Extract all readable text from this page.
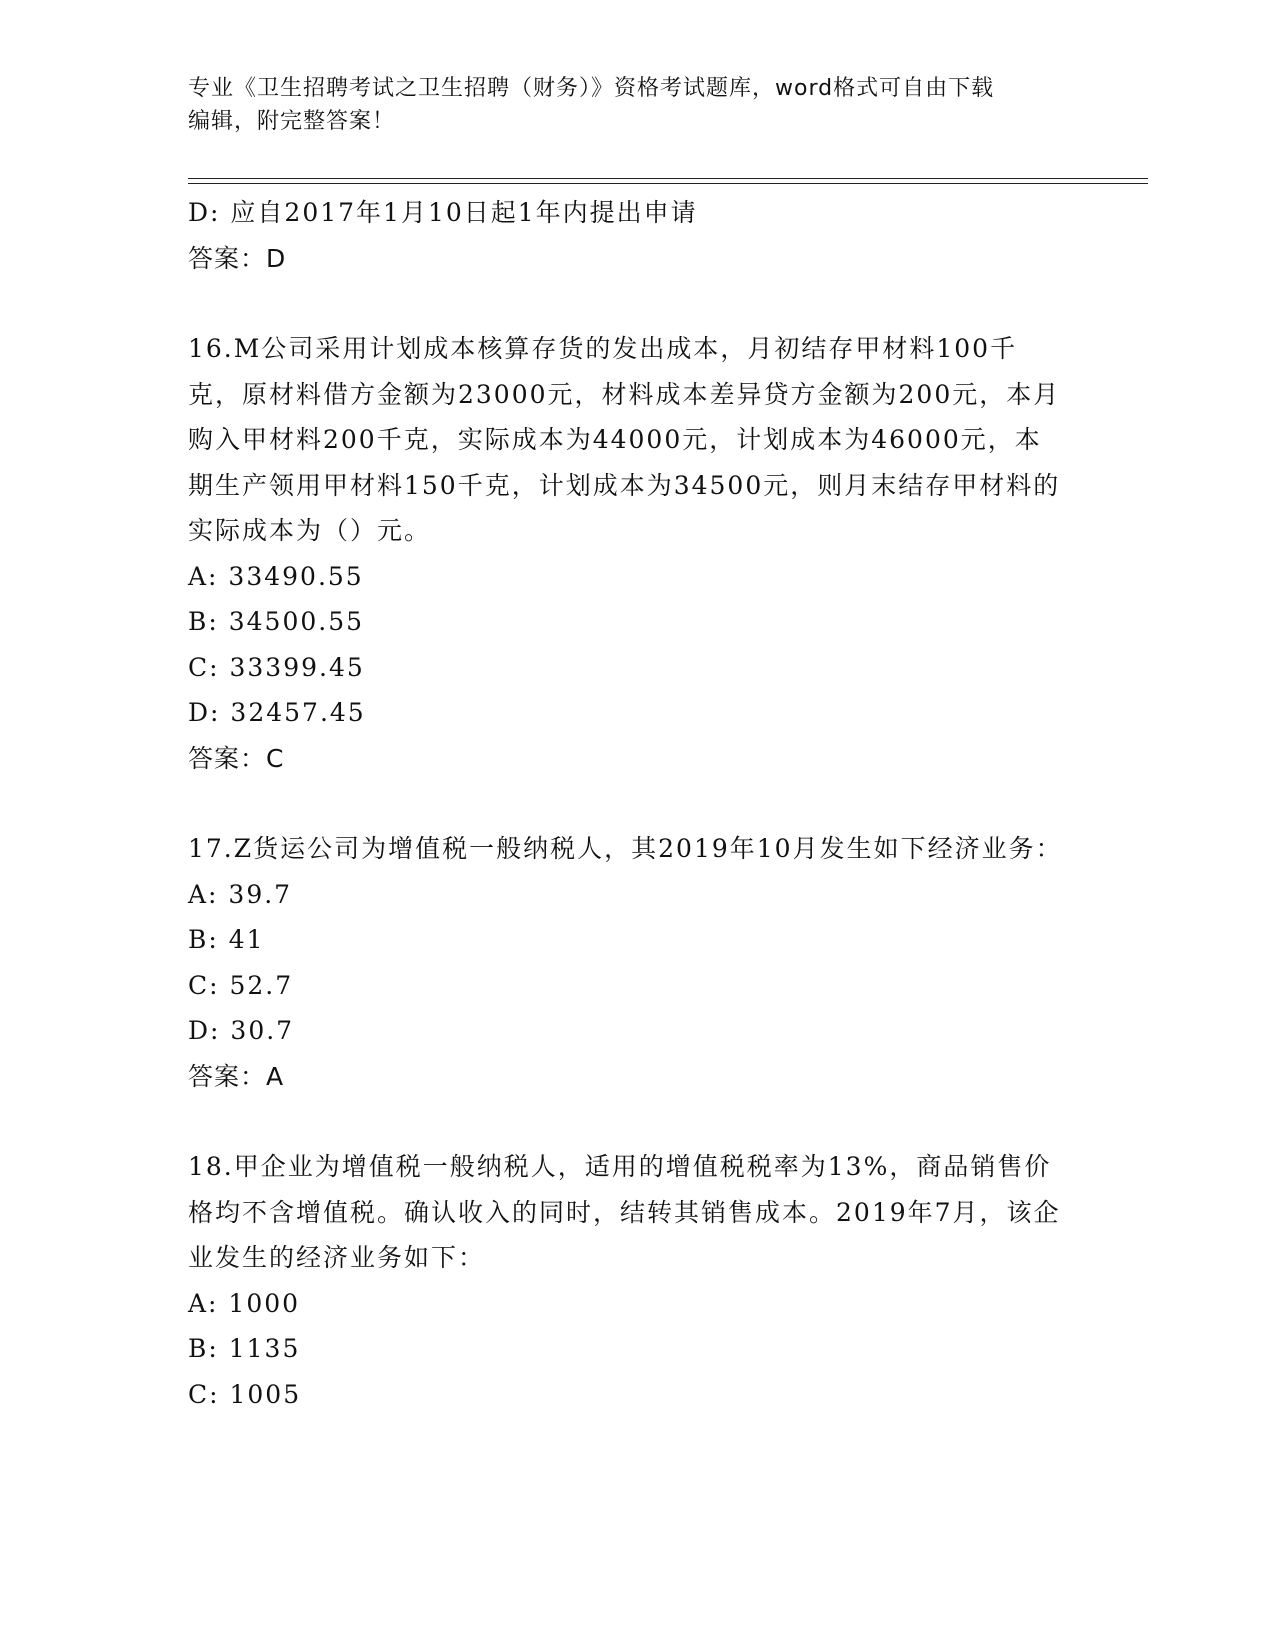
专业《卫生招聘考试之卫生招聘（财务）》资格考试题库，word格式可自由下载
编辑，附完整答案！
D: 应自2017年1月10日起1年内提出申请
答案：D
16.M公司采用计划成本核算存货的发出成本，月初结存甲材料100千克，原材料借方金额为23000元，材料成本差异贷方金额为200元，本月购入甲材料200千克，实际成本为44000元，计划成本为46000元，本期生产领用甲材料150千克，计划成本为34500元，则月末结存甲材料的实际成本为（）元。
A: 33490.55
B: 34500.55
C: 33399.45
D: 32457.45
答案：C
17.Z货运公司为增值税一般纳税人，其2019年10月发生如下经济业务：
A: 39.7
B: 41
C: 52.7
D: 30.7
答案：A
18.甲企业为增值税一般纳税人，适用的增值税税率为13%，商品销售价格均不含增值税。确认收入的同时，结转其销售成本。2019年7月，该企业发生的经济业务如下：
A: 1000
B: 1135
C: 1005
